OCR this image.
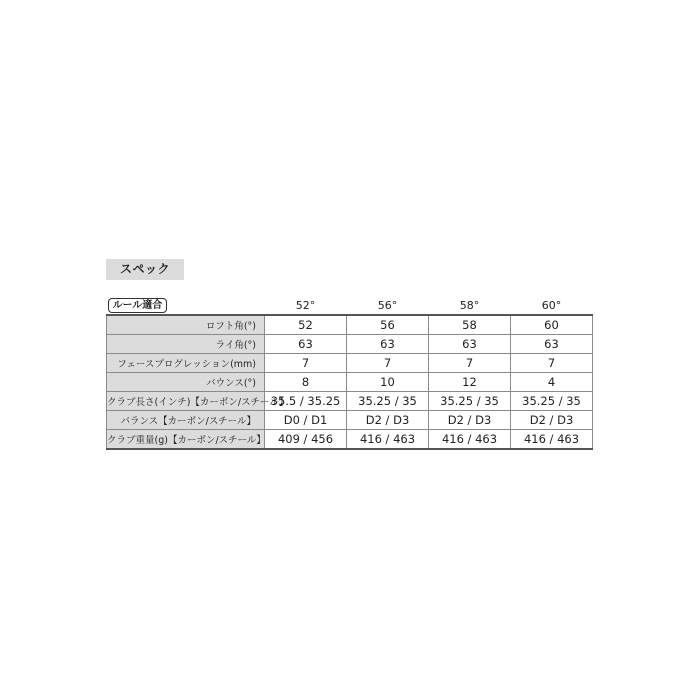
スペック
ルール適合	52°	56°	58°	60°
ロフト角(°)	52	56	58	60
ライ角(°)	63	63	63	63
フェースプログレッション(mm)	7	7	7	7
バウンス(°)	8	10	12	4
クラブ長さ(インチ)【カーボン/スチール】	35.5 / 35.25	35.25 / 35	35.25 / 35	35.25 / 35
バランス【カーボン/スチール】	D0 / D1	D2 / D3	D2 / D3	D2 / D3
クラブ重量(g)【カーボン/スチール】	409 / 456	416 / 463	416 / 463	416 / 463
